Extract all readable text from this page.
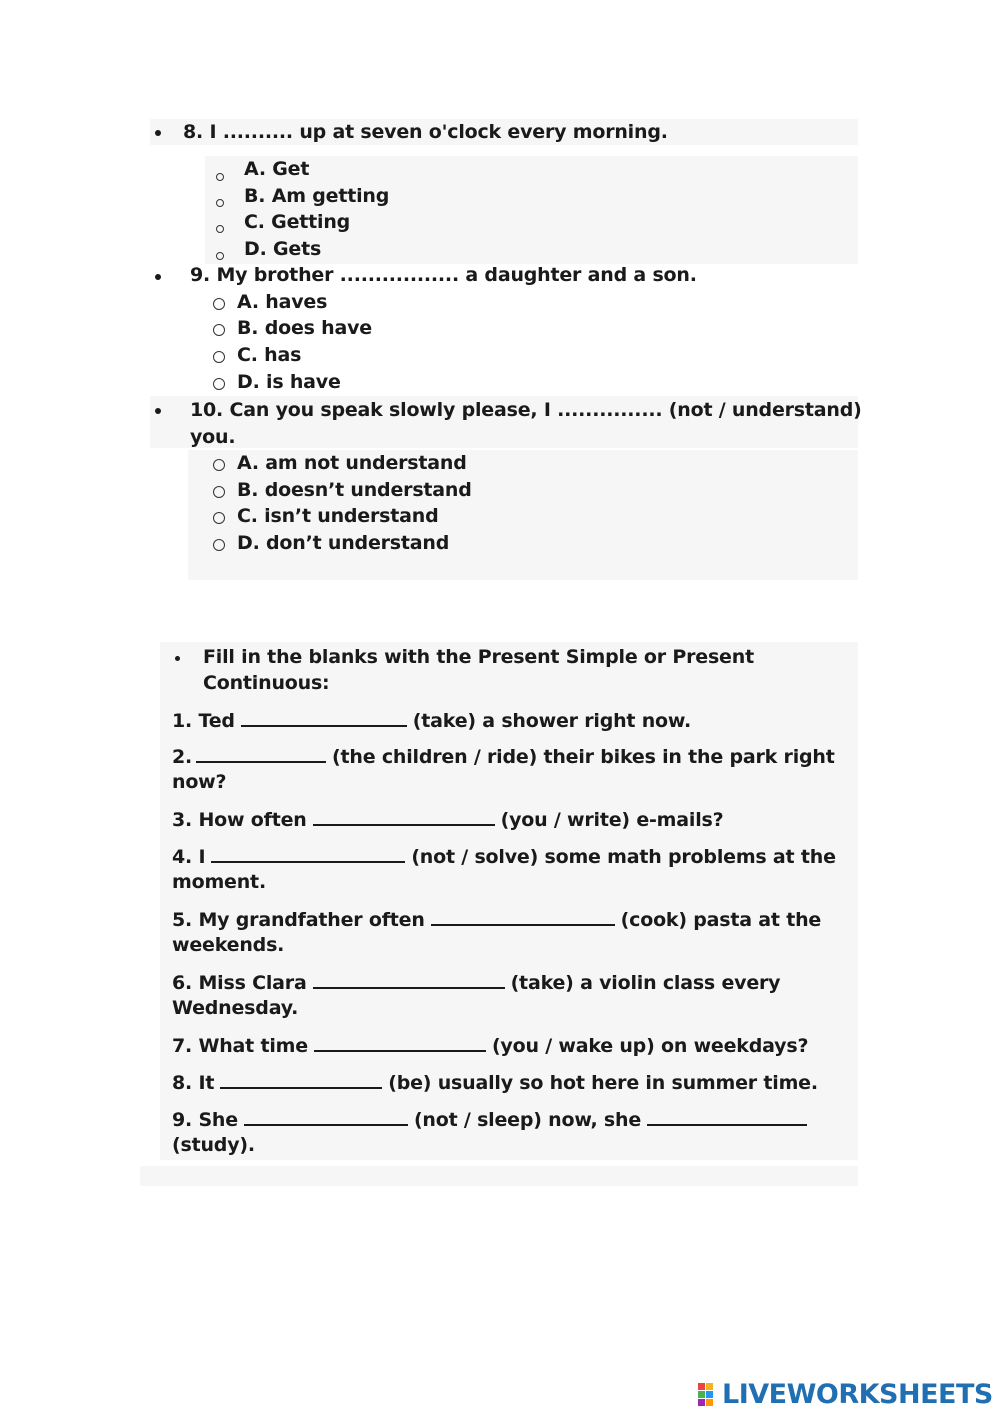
8. I .......... up at seven o'clock every morning.
A. Get
B. Am getting
C. Getting
D. Gets
9. My brother ................. a daughter and a son.
A. haves
B. does have
C. has
D. is have
10. Can you speak slowly please, I ............... (not / understand)
you.
A. am not understand
B. doesn’t understand
C. isn’t understand
D. don’t understand
Fill in the blanks with the Present Simple or Present
Continuous:
1. Ted	(take) a shower right now.
2.	(the children / ride) their bikes in the park right
now?
3. How often	(you / write) e-mails?
4. I	(not / solve) some math problems at the
moment.
5. My grandfather often	(cook) pasta at the
weekends.
6. Miss Clara	(take) a violin class every
Wednesday.
7. What time	(you / wake up) on weekdays?
8. It	(be) usually so hot here in summer time.
9. She	(not / sleep) now, she
(study).
LIVEWORKSHEETS
